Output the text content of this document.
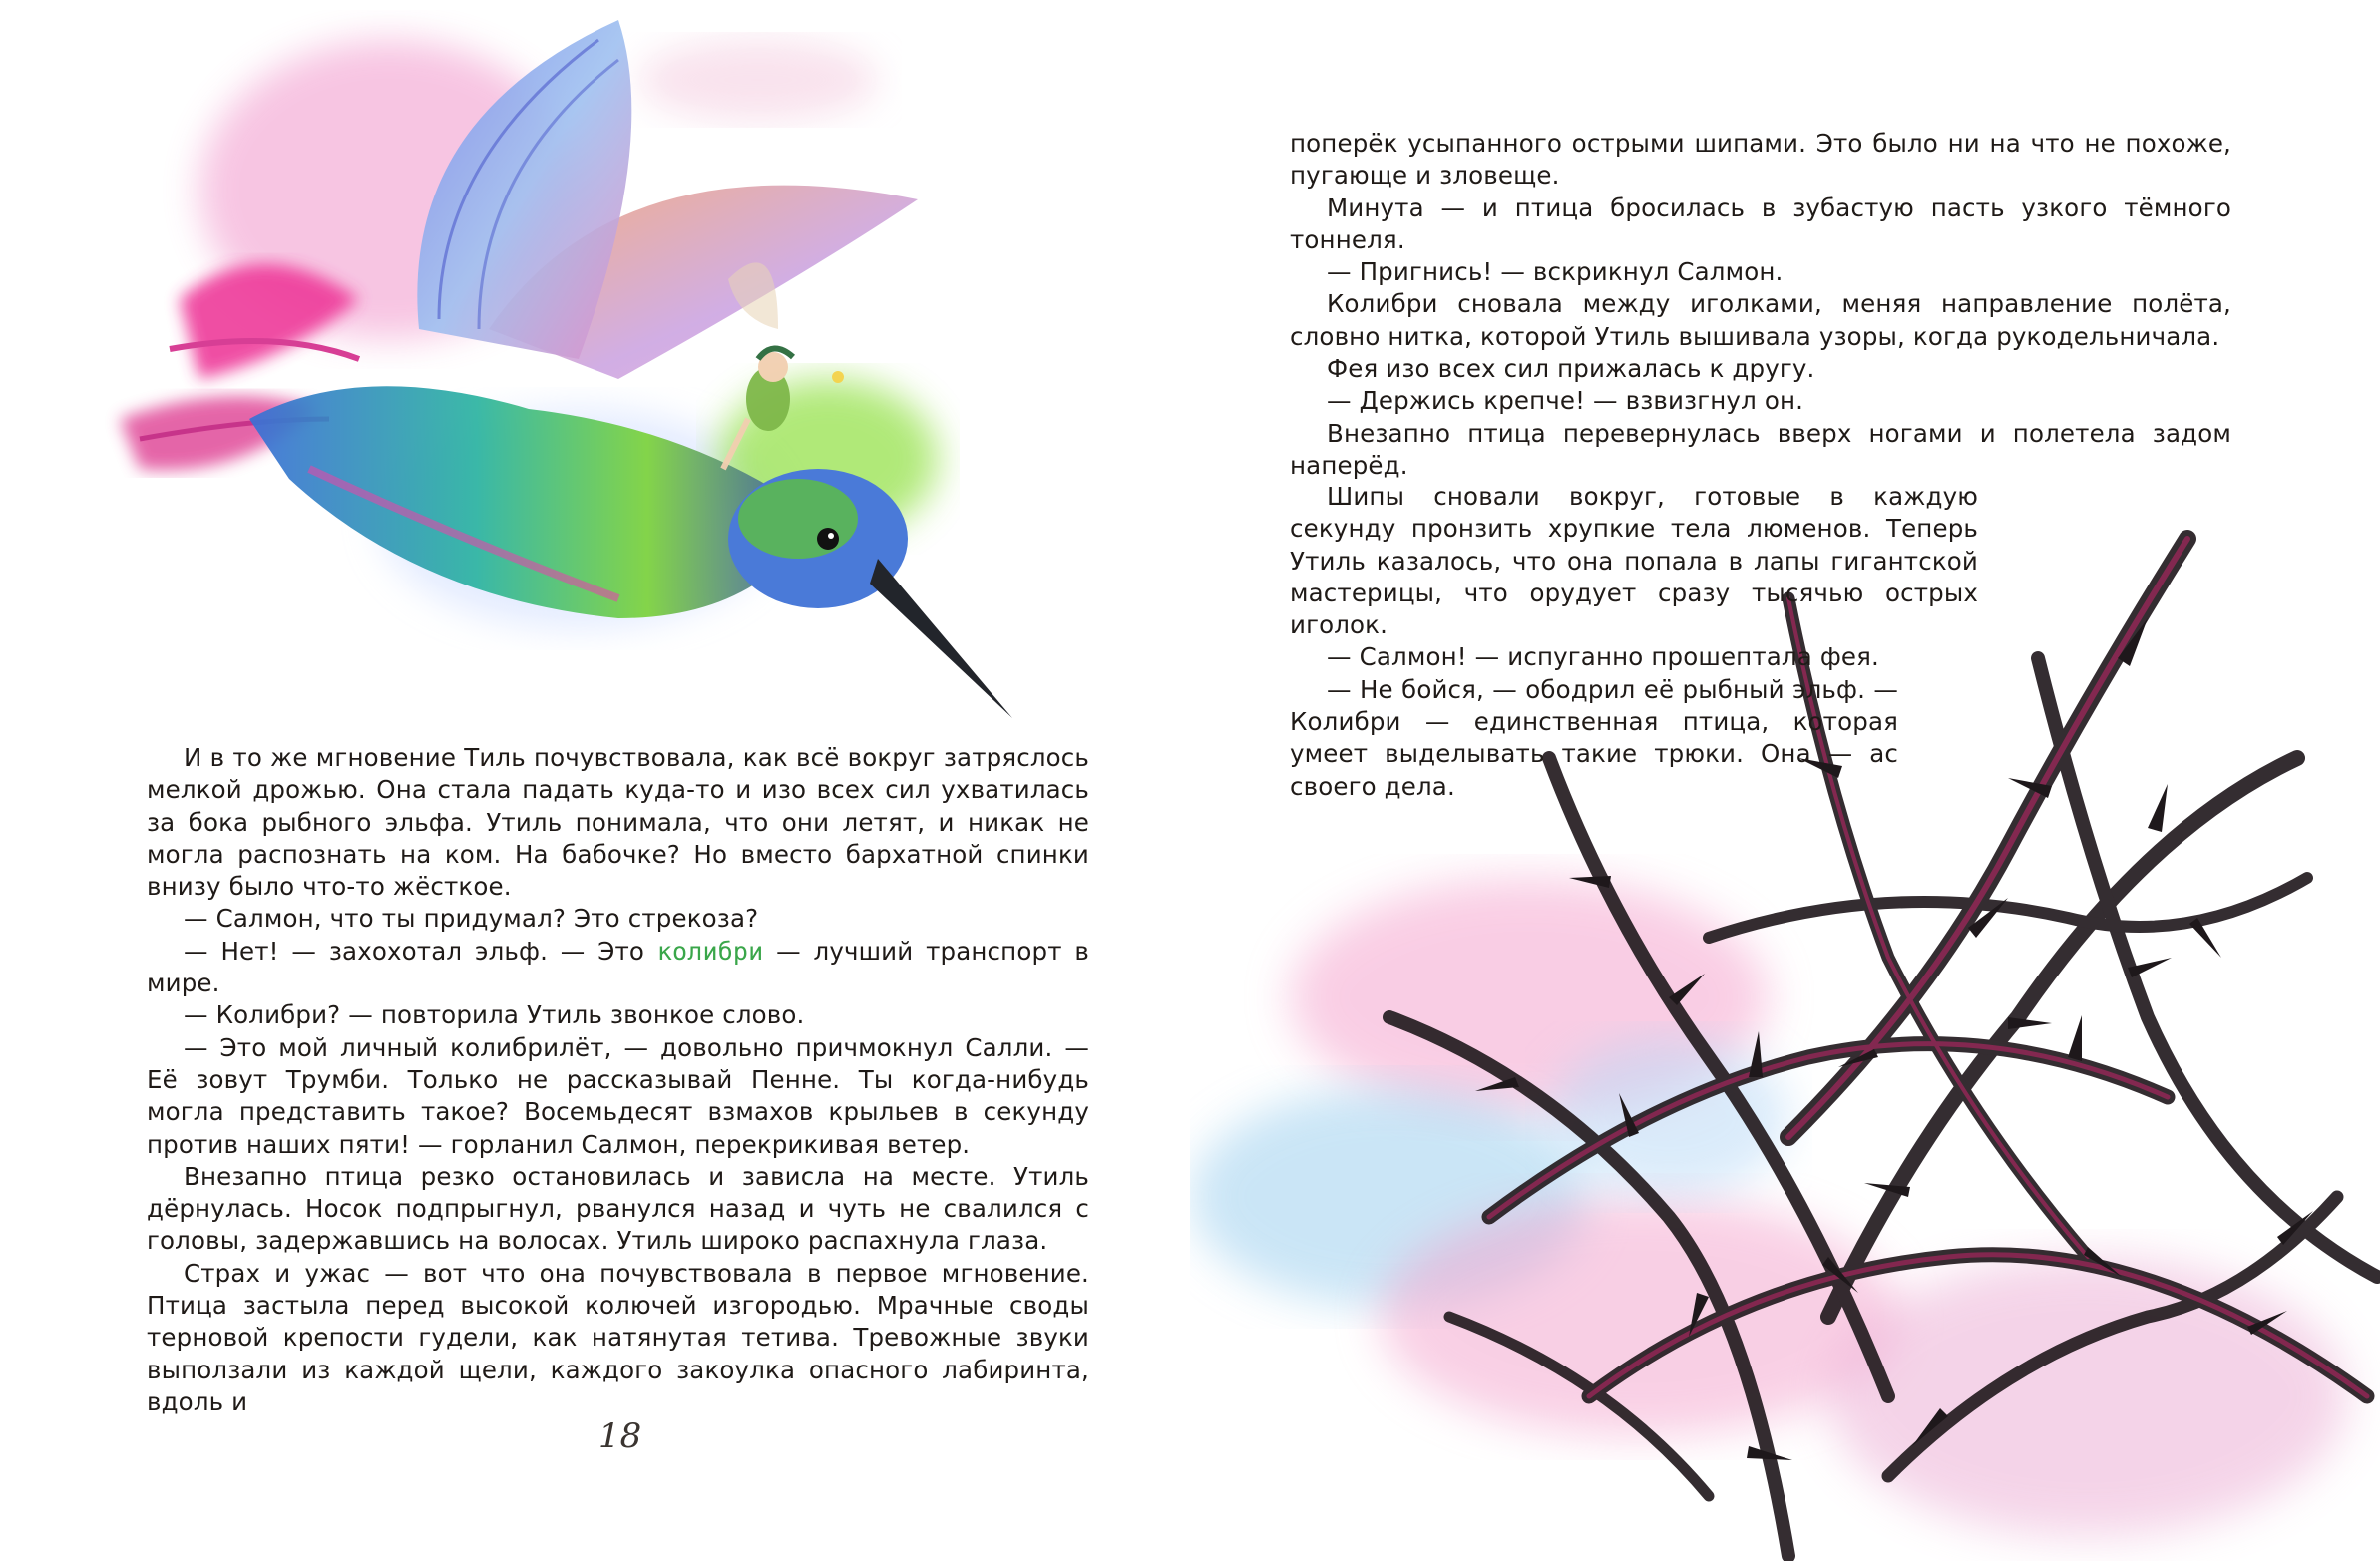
И в то же мгновение Тиль почувствовала, как всё вокруг затряслось мелкой дрожью. Она стала падать куда-то и изо всех сил ухватилась за бока рыбного эльфа. Утиль понимала, что они летят, и никак не могла распознать на ком. На бабочке? Но вместо бархатной спинки внизу было что-то жёсткое.

— Салмон, что ты придумал? Это стрекоза?

— Нет! — захохотал эльф. — Это колибри — лучший транспорт в мире.

— Колибри? — повторила Утиль звонкое слово.

— Это мой личный колибрилёт, — довольно причмокнул Салли. — Её зовут Трумби. Только не рассказывай Пенне. Ты когда-нибудь могла представить такое? Восемьдесят взмахов крыльев в секунду против наших пяти! — горланил Салмон, перекрикивая ветер.

Внезапно птица резко остановилась и зависла на месте. Утиль дёрнулась. Носок подпрыгнул, рванулся назад и чуть не свалился с головы, задержавшись на волосах. Утиль широко распахнула глаза.

Страх и ужас — вот что она почувствовала в первое мгновение. Птица застыла перед высокой колючей изгородью. Мрачные своды терновой крепости гудели, как натянутая тетива. Тревожные звуки выползали из каждой щели, каждого закоулка опасного лабиринта, вдоль и

18

поперёк усыпанного острыми шипами. Это было ни на что не похоже, пугающе и зловеще.

Минута — и птица бросилась в зубастую пасть узкого тёмного тоннеля.

— Пригнись! — вскрикнул Салмон.

Колибри сновала между иголками, меняя направление полёта, словно нитка, которой Утиль вышивала узоры, когда рукодельничала.

Фея изо всех сил прижалась к другу.

— Держись крепче! — взвизгнул он.

Внезапно птица перевернулась вверх ногами и полетела задом наперёд.

Шипы сновали вокруг, готовые в каждую секунду пронзить хрупкие тела люменов. Теперь Утиль казалось, что она попала в лапы гигантской мастерицы, что орудует сразу тысячью острых иголок.

— Салмон! — испуганно прошептала фея.

— Не бойся, — ободрил её рыбный эльф. — Колибри — единственная птица, которая умеет выделывать такие трюки. Она — ас своего дела.
